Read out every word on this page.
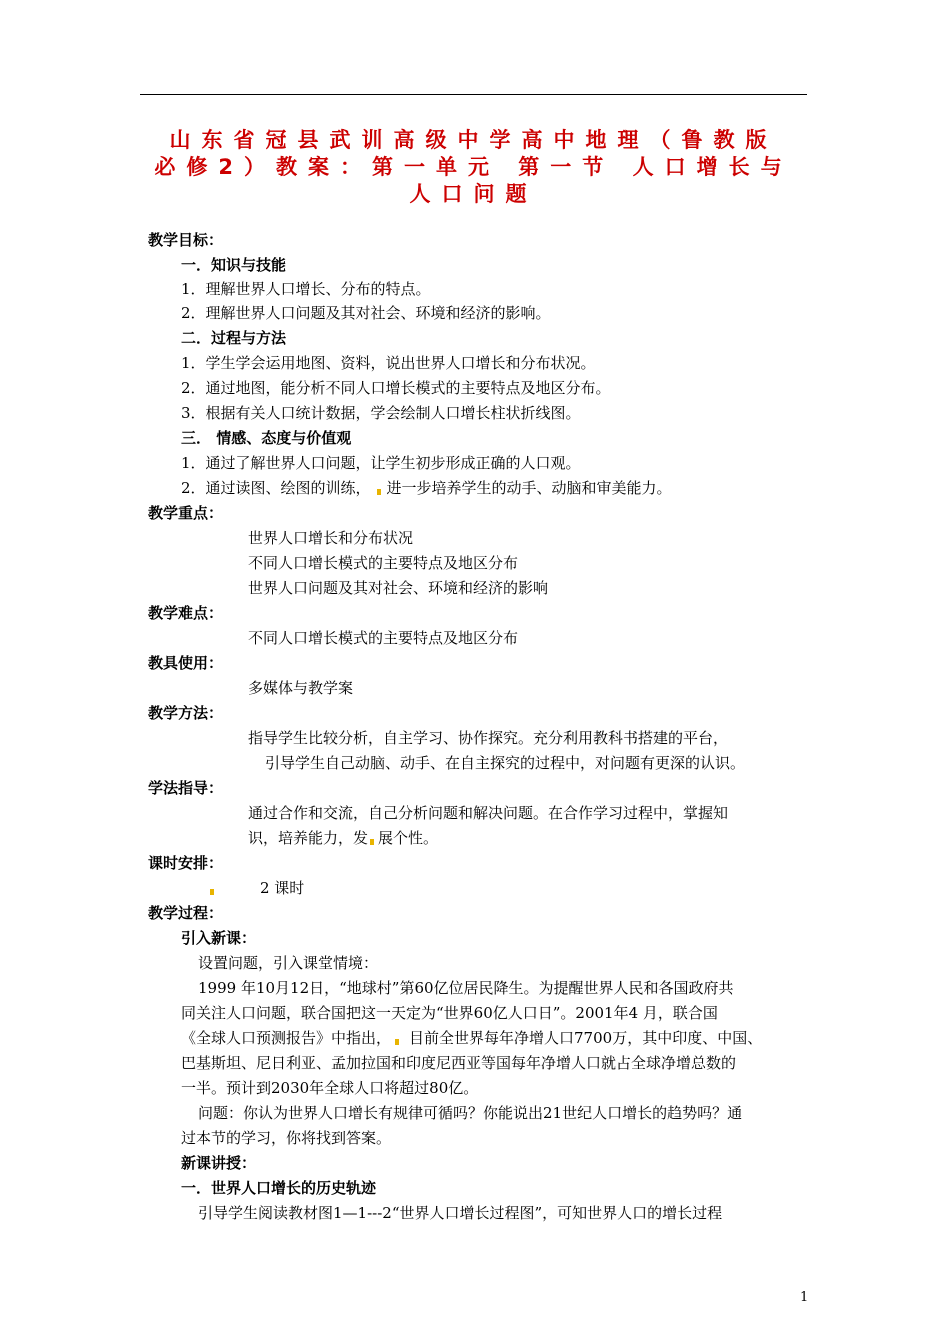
山东省冠县武训高级中学高中地理（鲁教版
必修2）教案：第一单元 第一节 人口增长与
人口问题
教学目标：
一．知识与技能
1．理解世界人口增长、分布的特点。
2．理解世界人口问题及其对社会、环境和经济的影响。
二．过程与方法
1．学生学会运用地图、资料，说出世界人口增长和分布状况。
2．通过地图，能分析不同人口增长模式的主要特点及地区分布。
3．根据有关人口统计数据，学会绘制人口增长柱状折线图。
三． 情感、态度与价值观
1．通过了解世界人口问题，让学生初步形成正确的人口观。
2．通过读图、绘图的训练， 进一步培养学生的动手、动脑和审美能力。
教学重点：
世界人口增长和分布状况
不同人口增长模式的主要特点及地区分布
世界人口问题及其对社会、环境和经济的影响
教学难点：
不同人口增长模式的主要特点及地区分布
教具使用：
多媒体与教学案
教学方法：
指导学生比较分析，自主学习、协作探究。充分利用教科书搭建的平台，
引导学生自己动脑、动手、在自主探究的过程中，对问题有更深的认识。
学法指导：
通过合作和交流，自己分析问题和解决问题。在合作学习过程中，掌握知
识，培养能力，发 展个性。
课时安排：
2 课时
教学过程：
引入新课：
设置问题，引入课堂情境：
1999 年10月12日，“地球村”第60亿位居民降生。为提醒世界人民和各国政府共
同关注人口问题，联合国把这一天定为“世界60亿人口日”。2001年4 月，联合国
《全球人口预测报告》中指出， 目前全世界每年净增人口7700万，其中印度、中国、
巴基斯坦、尼日利亚、孟加拉国和印度尼西亚等国每年净增人口就占全球净增总数的
一半。预计到2030年全球人口将超过80亿。
问题：你认为世界人口增长有规律可循吗？你能说出21世纪人口增长的趋势吗？通
过本节的学习，你将找到答案。
新课讲授：
一．世界人口增长的历史轨迹
引导学生阅读教材图1—1---2“世界人口增长过程图”，可知世界人口的增长过程
1
